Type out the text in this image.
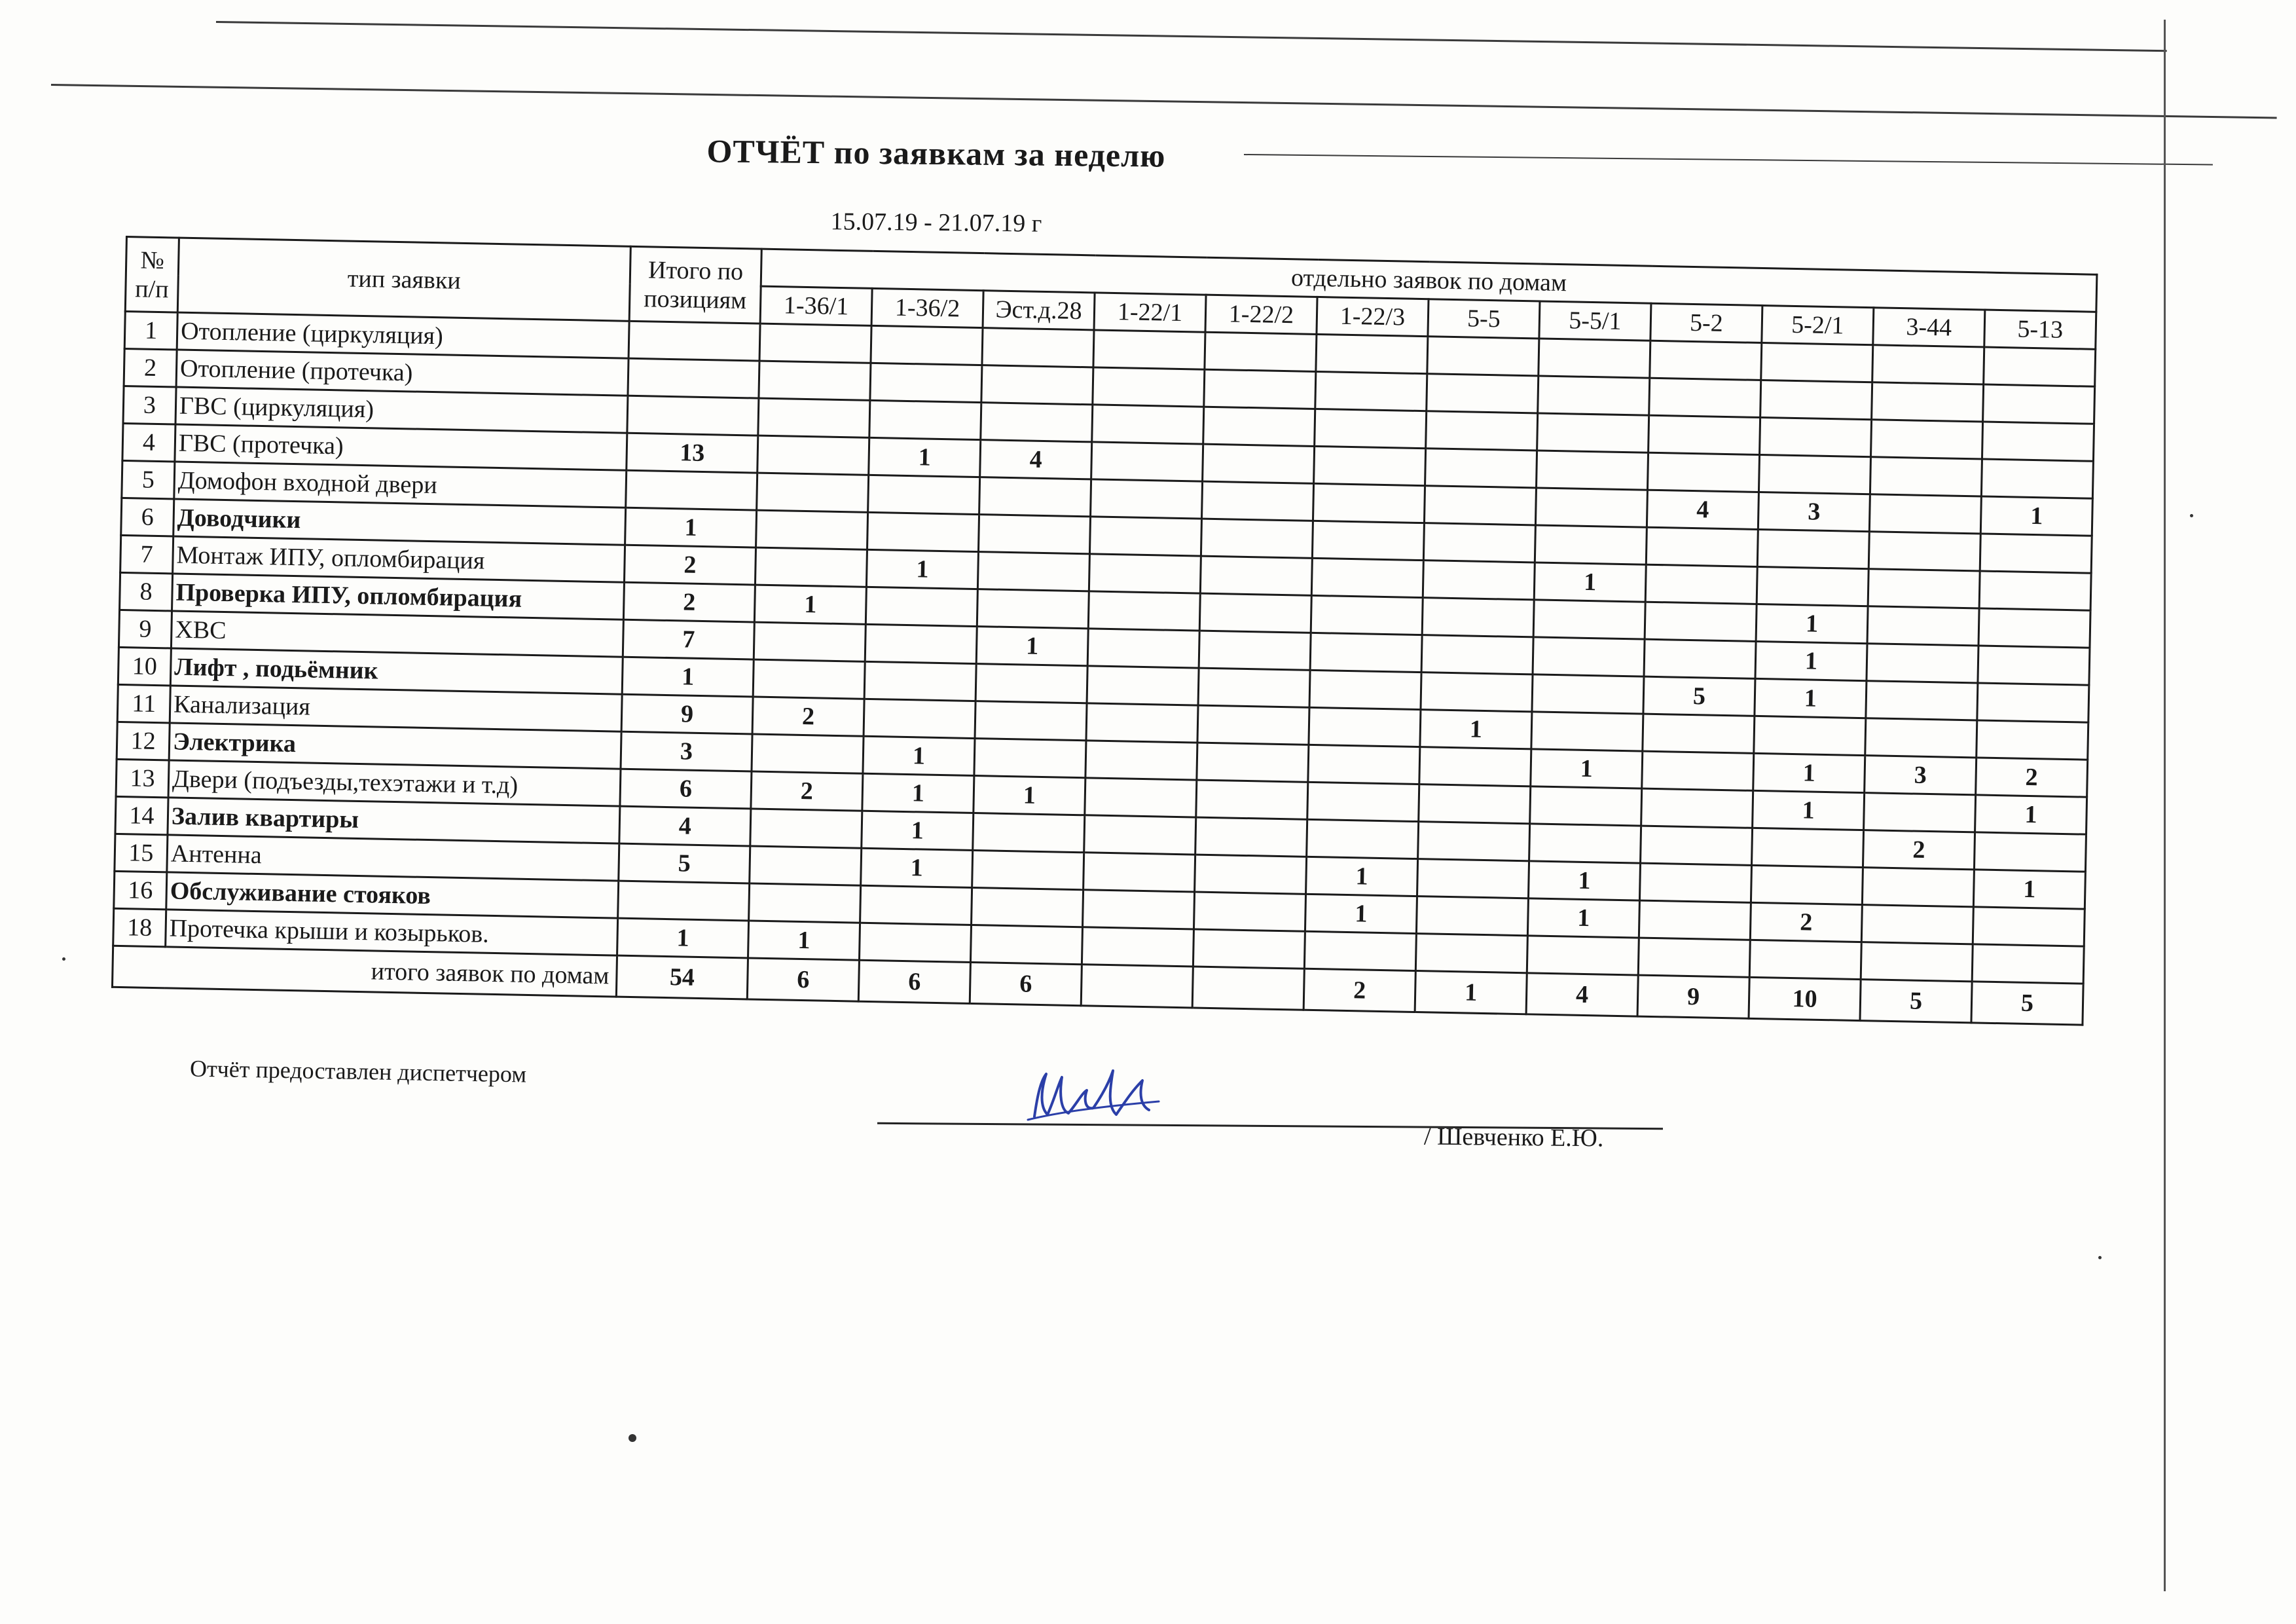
ОТЧЁТ по заявкам за неделю
15.07.19 - 21.07.19 г
№ п/п	тип заявки	Итого по позициям	отдельно заявок по домам											
			1-36/1	1-36/2	Эст.д.28	1-22/1	1-22/2	1-22/3	5-5	5-5/1	5-2	5-2/1	3-44	5-13
1	Отопление (циркуляция)													
2	Отопление (протечка)													
3	ГВС (циркуляция)													
4	ГВС (протечка)	13		1	4									
5	Домофон входной двери										4	3		1
6	Доводчики	1												
7	Монтаж ИПУ, опломбирация	2		1						1				
8	Проверка ИПУ, опломбирация	2	1									1		
9	ХВС	7			1							1		
10	Лифт , подьёмник	1									5	1		
11	Канализация	9	2						1					
12	Электрика	3		1						1		1	3	2
13	Двери (подъезды,техэтажи и т.д)	6	2	1	1							1		1
14	Залив квартиры	4		1									2	
15	Антенна	5		1				1		1				1
16	Обслуживание стояков							1		1		2		
18	Протечка крыши и козырьков.	1	1											
итого заявок по домам		54	6	6	6			2	1	4	9	10	5	5
Отчёт предоставлен диспетчером
/ Шевченко Е.Ю.
